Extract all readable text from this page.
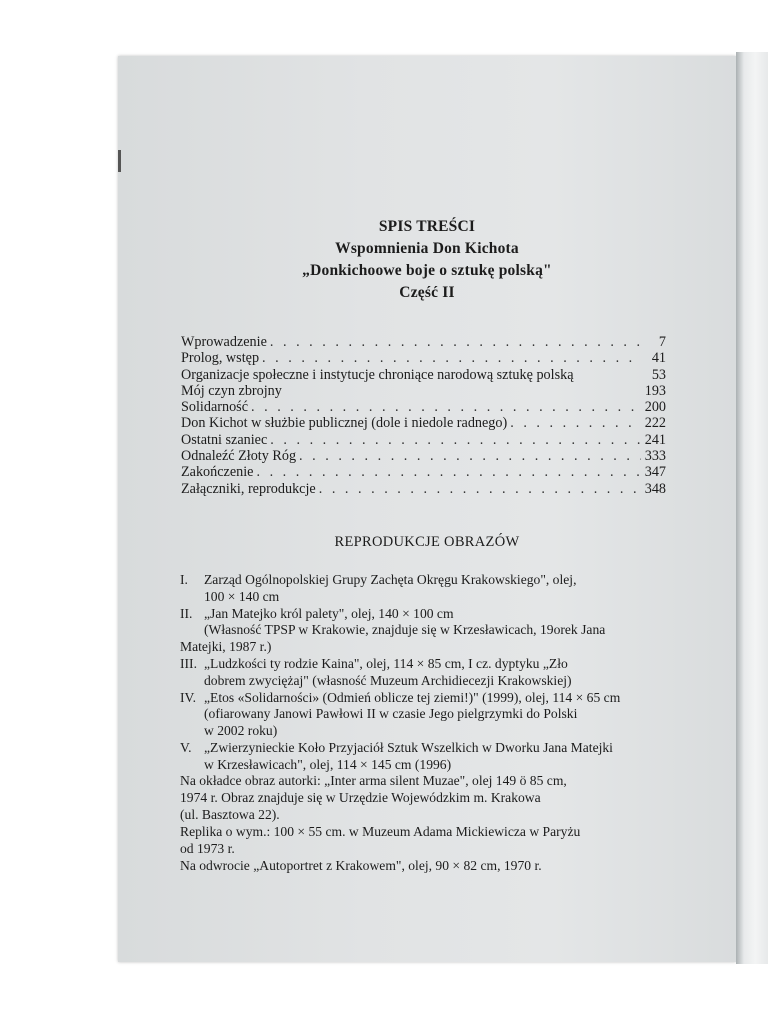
SPIS TREŚCI
Wspomnienia Don Kichota
„Donkichoowe boje o sztukę polską"
Część II
Wprowadzenie . . .	7
Prolog, wstęp . . .	41
Organizacje społeczne i instytucje chroniące narodową sztukę polską	53
Mój czyn zbrojny	193
Solidarność . . .	200
Don Kichot w służbie publicznej (dole i niedole radnego) . . .	222
Ostatni szaniec . . .	241
Odnaleźć Złoty Róg . . .	333
Zakończenie . . .	347
Załączniki, reprodukcje . . .	348
REPRODUKCJE OBRAZÓW
I.	Zarząd Ogólnopolskiej Grupy Zachęta Okręgu Krakowskiego", olej,
100 × 140 cm
II. „Jan Matejko król palety", olej, 140 × 100 cm
(Własność TPSP w Krakowie, znajduje się w Krzesławicach, 19orek Jana
Matejki, 1987 r.)
III. „Ludzkości ty rodzie Kaina", olej, 114 × 85 cm, I cz. dyptyku „Zło
dobrem zwyciężaj" (własność Muzeum Archidiecezji Krakowskiej)
IV. „Etos «Solidarności» (Odmień oblicze tej ziemi!)" (1999), olej, 114 × 65 cm
(ofiarowany Janowi Pawłowi II w czasie Jego pielgrzymki do Polski
w 2002 roku)
V. „Zwierzynieckie Koło Przyjaciół Sztuk Wszelkich w Dworku Jana Matejki
w Krzesławicach", olej, 114 × 145 cm (1996)
Na okładce obraz autorki: „Inter arma silent Muzae", olej 149 ö 85 cm,
1974 r. Obraz znajduje się w Urzędzie Wojewódzkim m. Krakowa
(ul. Basztowa 22).
Replika o wym.: 100 × 55 cm. w Muzeum Adama Mickiewicza w Paryżu
od 1973 r.
Na odwrocie „Autoportret z Krakowem", olej, 90 × 82 cm, 1970 r.
